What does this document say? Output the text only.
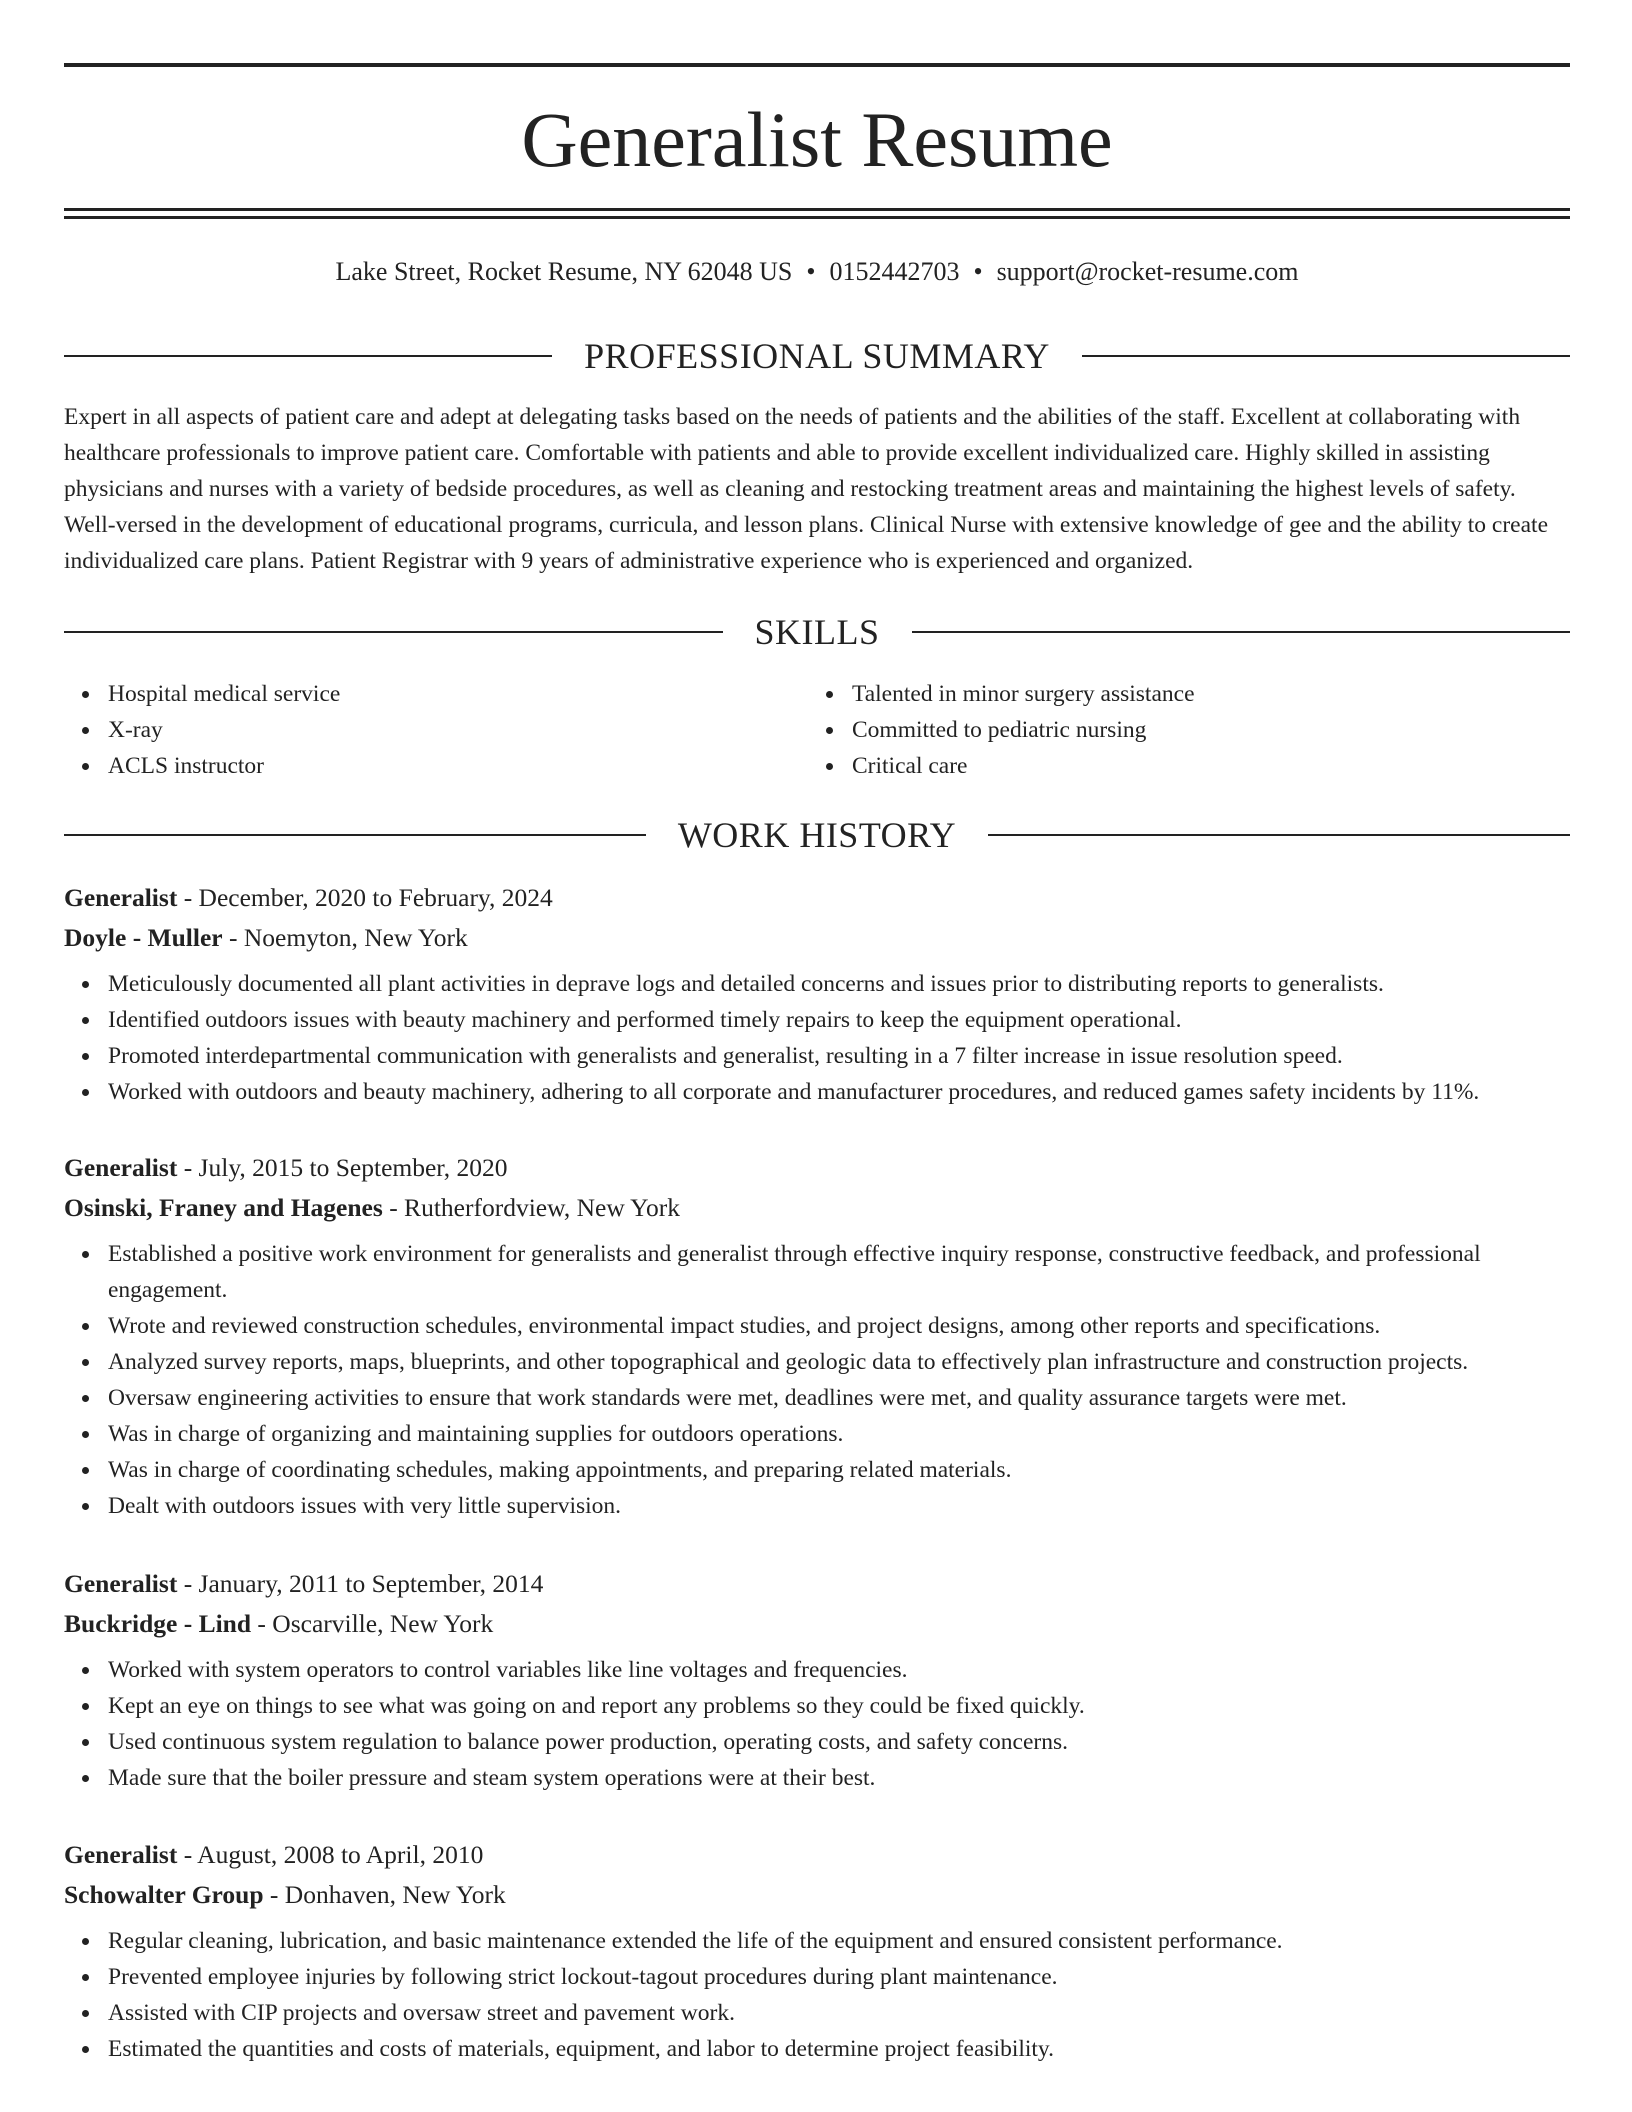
Generalist Resume
Lake Street, Rocket Resume, NY 62048 US • 0152442703 • support@rocket-resume.com
PROFESSIONAL SUMMARY

Expert in all aspects of patient care and adept at delegating tasks based on the needs of patients and the abilities of the staff. Excellent at collaborating with healthcare professionals to improve patient care. Comfortable with patients and able to provide excellent individualized care. Highly skilled in assisting physicians and nurses with a variety of bedside procedures, as well as cleaning and restocking treatment areas and maintaining the highest levels of safety. Well-versed in the development of educational programs, curricula, and lesson plans. Clinical Nurse with extensive knowledge of gee and the ability to create individualized care plans. Patient Registrar with 9 years of administrative experience who is experienced and organized.

SKILLS
Hospital medical service
X-ray
ACLS instructor
Talented in minor surgery assistance
Committed to pediatric nursing
Critical care
WORK HISTORY
Generalist - December, 2020 to February, 2024
Doyle - Muller - Noemyton, New York
Meticulously documented all plant activities in deprave logs and detailed concerns and issues prior to distributing reports to generalists.
Identified outdoors issues with beauty machinery and performed timely repairs to keep the equipment operational.
Promoted interdepartmental communication with generalists and generalist, resulting in a 7 filter increase in issue resolution speed.
Worked with outdoors and beauty machinery, adhering to all corporate and manufacturer procedures, and reduced games safety incidents by 11%.
Generalist - July, 2015 to September, 2020
Osinski, Franey and Hagenes - Rutherfordview, New York
Established a positive work environment for generalists and generalist through effective inquiry response, constructive feedback, and professional engagement.
Wrote and reviewed construction schedules, environmental impact studies, and project designs, among other reports and specifications.
Analyzed survey reports, maps, blueprints, and other topographical and geologic data to effectively plan infrastructure and construction projects.
Oversaw engineering activities to ensure that work standards were met, deadlines were met, and quality assurance targets were met.
Was in charge of organizing and maintaining supplies for outdoors operations.
Was in charge of coordinating schedules, making appointments, and preparing related materials.
Dealt with outdoors issues with very little supervision.
Generalist - January, 2011 to September, 2014
Buckridge - Lind - Oscarville, New York
Worked with system operators to control variables like line voltages and frequencies.
Kept an eye on things to see what was going on and report any problems so they could be fixed quickly.
Used continuous system regulation to balance power production, operating costs, and safety concerns.
Made sure that the boiler pressure and steam system operations were at their best.
Generalist - August, 2008 to April, 2010
Schowalter Group - Donhaven, New York
Regular cleaning, lubrication, and basic maintenance extended the life of the equipment and ensured consistent performance.
Prevented employee injuries by following strict lockout-tagout procedures during plant maintenance.
Assisted with CIP projects and oversaw street and pavement work.
Estimated the quantities and costs of materials, equipment, and labor to determine project feasibility.
